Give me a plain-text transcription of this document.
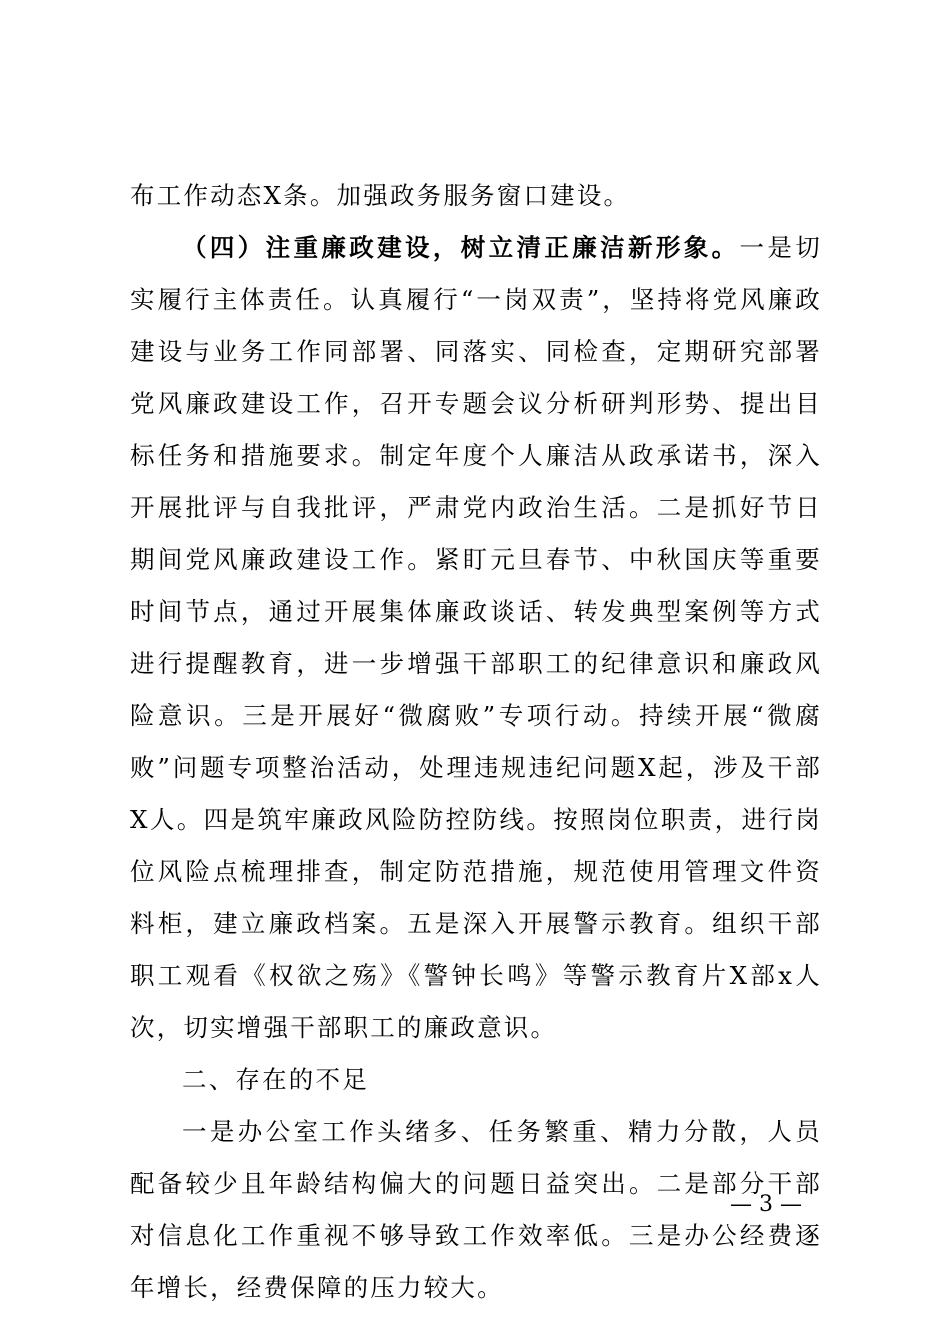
布工作动态X条。加强政务服务窗口建设。

（四）注重廉政建设，树立清正廉洁新形象。一是切实履行主体责任。认真履行“一岗双责”，坚持将党风廉政建设与业务工作同部署、同落实、同检查，定期研究部署党风廉政建设工作，召开专题会议分析研判形势、提出目标任务和措施要求。制定年度个人廉洁从政承诺书，深入开展批评与自我批评，严肃党内政治生活。二是抓好节日期间党风廉政建设工作。紧盯元旦春节、中秋国庆等重要时间节点，通过开展集体廉政谈话、转发典型案例等方式进行提醒教育，进一步增强干部职工的纪律意识和廉政风险意识。三是开展好“微腐败”专项行动。持续开展“微腐败”问题专项整治活动，处理违规违纪问题X起，涉及干部X人。四是筑牢廉政风险防控防线。按照岗位职责，进行岗位风险点梳理排查，制定防范措施，规范使用管理文件资料柜，建立廉政档案。五是深入开展警示教育。组织干部职工观看《权欲之殇》《警钟长鸣》等警示教育片X部x人次，切实增强干部职工的廉政意识。

二、存在的不足

一是办公室工作头绪多、任务繁重、精力分散，人员配备较少且年龄结构偏大的问题日益突出。二是部分干部对信息化工作重视不够导致工作效率低。三是办公经费逐年增长，经费保障的压力较大。

— 3 —
